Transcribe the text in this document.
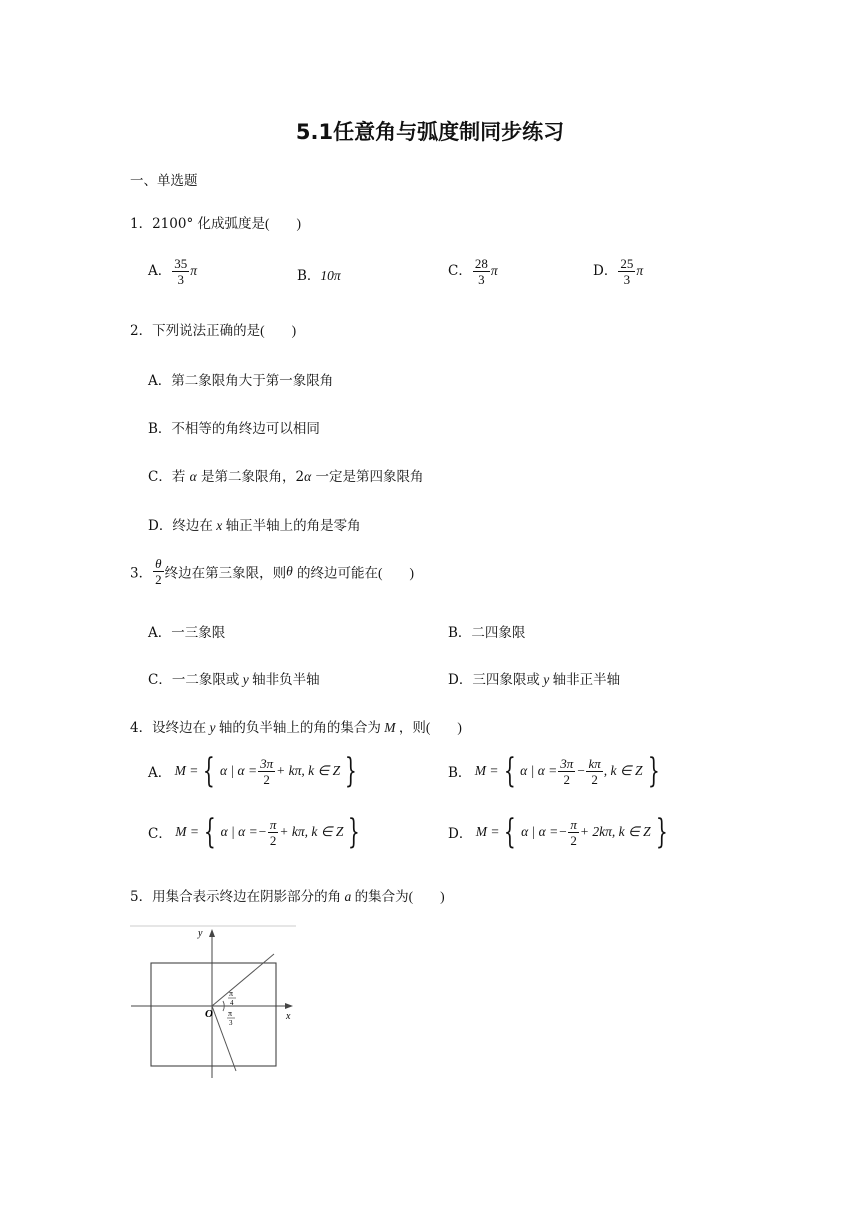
5.1任意角与弧度制同步练习
一、单选题
1．2100° 化成弧度是(　　)
A． $\frac{35}{3}$ π	B．10π	C． $\frac{28}{3}$ π	D． $\frac{25}{3}$ π
2．下列说法正确的是(　　)
A．第二象限角大于第一象限角
B．不相等的角终边可以相同
C．若 α 是第二象限角，2α 一定是第四象限角
D．终边在 x 轴正半轴上的角是零角
3． $\frac{\theta}{2}$ 终边在第三象限，则θ 的终边可能在(　　)
A．一三象限	B．二四象限
C．一二象限或 y 轴非负半轴	D．三四象限或 y 轴非正半轴
4．设终边在 y 轴的负半轴上的角的集合为 M ，则(　　)
A． M = { α | $\alpha = \frac{3\pi}{2} + k\pi$, k ∈ Z }	B． M = { α | $\alpha = \frac{3\pi}{2} - \frac{k\pi}{2}$ , k ∈ Z }
C． M = { α | $\alpha =- \frac{\pi}{2} + k\pi$, k ∈ Z }	D． M = { α | $\alpha =- \frac{\pi}{2} + 2k\pi$, k ∈ Z }
5．用集合表示终边在阴影部分的角 a 的集合为(　　)
O
y
x
π
4
π
3
